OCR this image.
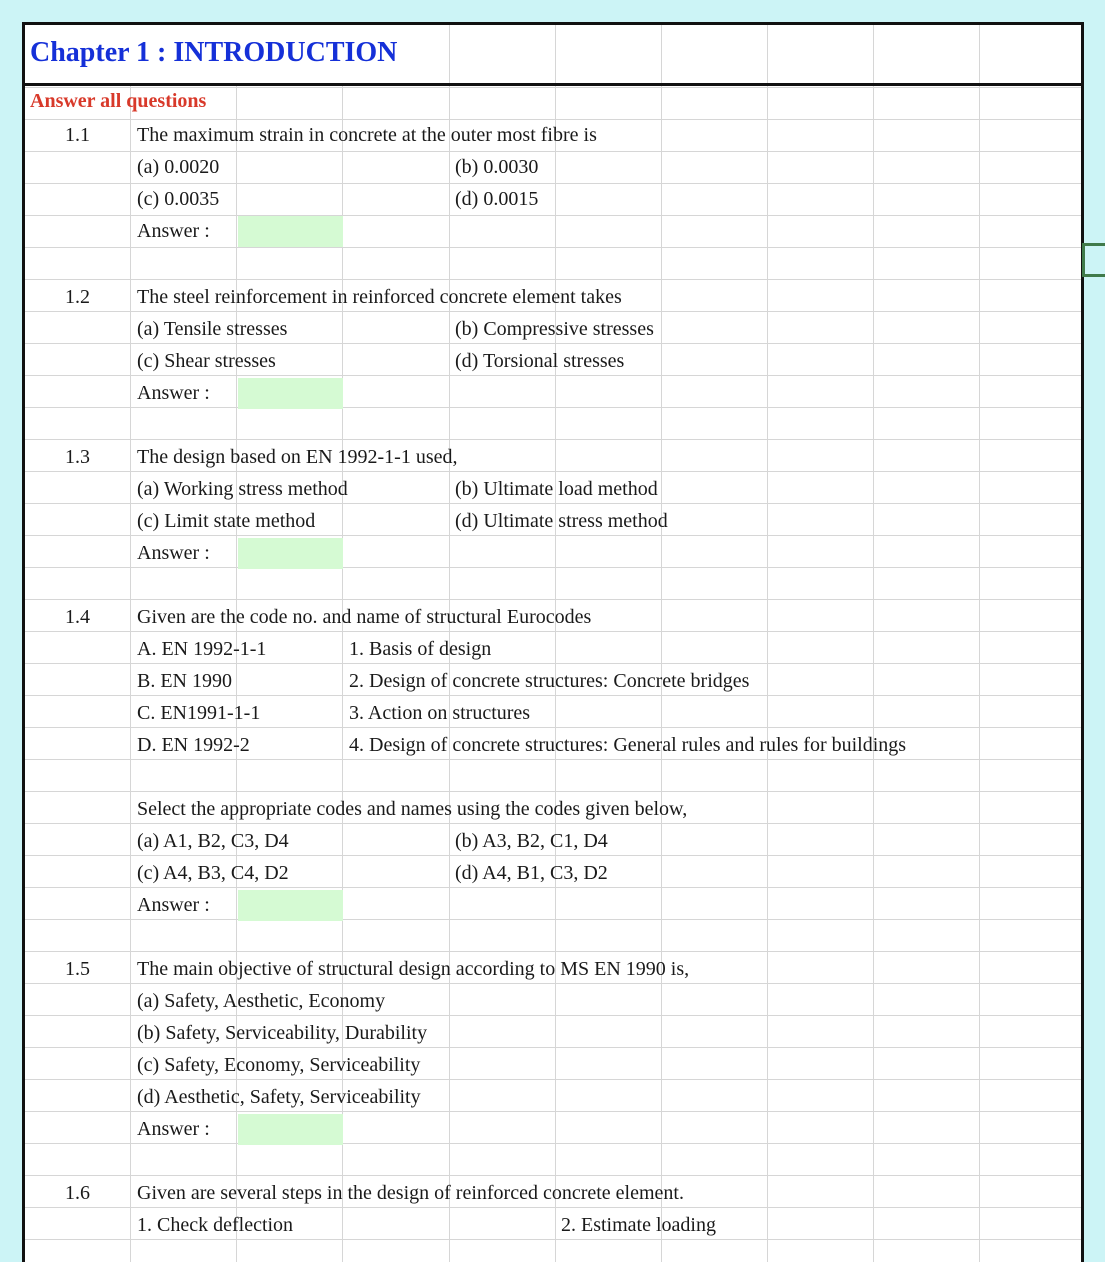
Chapter 1 : INTRODUCTION
Answer all questions
1.1 The maximum strain in concrete at the outer most fibre is
(a) 0.0020	(b) 0.0030
(c) 0.0035	(d) 0.0015
Answer :
1.2 The steel reinforcement in reinforced concrete element takes
(a) Tensile stresses	(b) Compressive stresses
(c) Shear stresses	(d) Torsional stresses
Answer :
1.3 The design based on EN 1992-1-1 used,
(a) Working stress method	(b) Ultimate load method
(c) Limit state method	(d) Ultimate stress method
Answer :
1.4 Given are the code no. and name of structural Eurocodes
A. EN 1992-1-1	1. Basis of design
B. EN 1990	2. Design of concrete structures: Concrete bridges
C. EN1991-1-1	3. Action on structures
D. EN 1992-2	4. Design of concrete structures: General rules and rules for buildings
Select the appropriate codes and names using the codes given below,
(a) A1, B2, C3, D4	(b) A3, B2, C1, D4
(c) A4, B3, C4, D2	(d) A4, B1, C3, D2
Answer :
1.5 The main objective of structural design according to MS EN 1990 is,
(a) Safety, Aesthetic, Economy
(b) Safety, Serviceability, Durability
(c) Safety, Economy, Serviceability
(d) Aesthetic, Safety, Serviceability
Answer :
1.6 Given are several steps in the design of reinforced concrete element.
1. Check deflection	2. Estimate loading
